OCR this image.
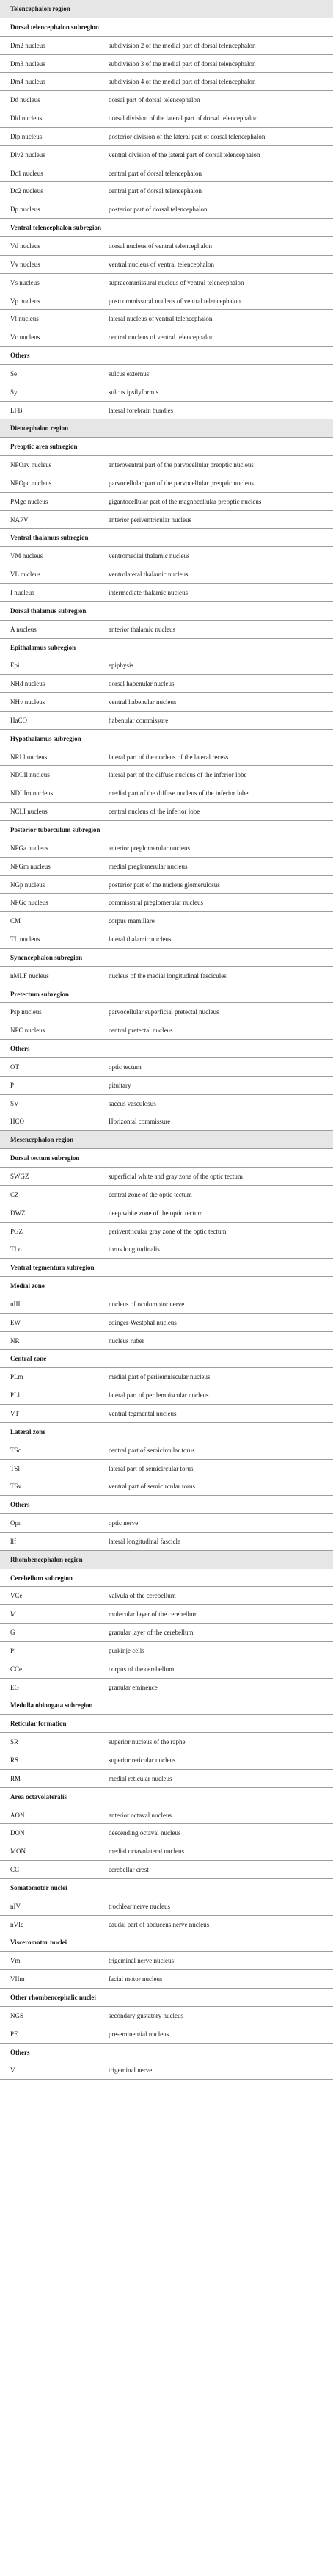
Telencephalon region
Dorsal telencephalon subregion
Dm2 nucleus	subdivision 2 of the medial part of dorsal telencephalon
Dm3 nucleus	subdivision 3 of the medial part of dorsal telencephalon
Dm4 nucleus	subdivision 4 of the medial part of dorsal telencephalon
Dd nucleus	dorsal part of dorsal telencephalon
Dld nucleus	dorsal division of the lateral part of dorsal telencephalon
Dlp nucleus	posterior division of the lateral part of dorsal telencephalon
Dlv2 nucleus	ventral division of the lateral part of dorsal telencephalon
Dc1 nucleus	central part of dorsal telencephalon
Dc2 nucleus	central part of dorsal telencephalon
Dp nucleus	posterior part of dorsal telencephalon
Ventral telencephalon subregion
Vd nucleus	dorsal nucleus of ventral telencephalon
Vv nucleus	ventral nucleus of ventral telencephalon
Vs nucleus	supracommissural nucleus of ventral telencephalon
Vp nucleus	postcommissural nucleus of ventral telencephalon
Vl nucleus	lateral nucleus of ventral telencephalon
Vc nucleus	central nucleus of ventral telencephalon
Others
Se	sulcus externus
Sy	sulcus ipsilyformis
LFB	lateral forebrain bundles
Diencephalon region
Preoptic area subregion
NPOav nucleus	anteroventral part of the parvocellular preoptic nucleus
NPOpc nucleus	parvocellular part of the parvocellular preoptic nucleus
PMgc nucleus	gigantocellular part of the magnocellular preoptic nucleus
NAPV	anterior periventricular nucleus
Ventral thalamus subregion
VM nucleus	ventromedial thalamic nucleus
VL nucleus	ventrolateral thalamic nucleus
I nucleus	intermediate thalamic nucleus
Dorsal thalamus subregion
A nucleus	anterior thalamic nucleus
Epithalamus subregion
Epi	epiphysis
NHd nucleus	dorsal habenular nucleus
NHv nucleus	ventral habenular nucleus
HaCO	habenular commissure
Hypothalamus subregion
NRLl nucleus	lateral part of the nucleus of the lateral recess
NDLIl nucleus	lateral part of the diffuse nucleus of the inferior lobe
NDLIm nucleus	medial part of the diffuse nucleus of the inferior lobe
NCLI nucleus	central nucleus of the inferior lobe
Posterior tuberculum subregion
NPGa nucleus	anterior preglomerular nucleus
NPGm nucleus	medial preglomerular nucleus
NGp nucleus	posterior part of the nucleus glomerulosus
NPGc nucleus	commissural preglomerular nucleus
CM	corpus mamillare
TL nucleus	lateral thalamic nucleus
Synencephalon subregion
nMLF nucleus	nucleus of the medial longitudinal fascicules
Pretectum subregion
Psp nucleus	parvocellular superficial pretectal nucleus
NPC nucleus	central pretectal nucleus
Others
OT	optic tectum
P	pituitary
SV	saccus vasculosus
HCO	Horizontal commissure
Mesencephalon region
Dorsal tectum subregion
SWGZ	superficial white and gray zone of the optic tectum
CZ	central zone of the optic tectum
DWZ	deep white zone of the optic tectum
PGZ	periventricular gray zone of the optic tectum
TLo	torus longitudinalis
Ventral tegmentum subregion
Medial zone
nIII	nucleus of oculomotor nerve
EW	edinger-Westphal nucleus
NR	nucleus ruber
Central zone
PLm	medial part of perilemniscular nucleus
PLl	lateral part of perilemniscular nucleus
VT	ventral tegmental nucleus
Lateral zone
TSc	central part of semicircular torus
TSl	lateral part of semicircular torus
TSv	ventral part of semicircular torus
Others
Opn	optic nerve
llf	lateral longitudinal fascicle
Rhombencephalon region
Cerebellum subregion
VCe	valvula of the cerebellum
M	molecular layer of the cerebellum
G	granular layer of the cerebellum
Pj	purkinje cells
CCe	corpus of the cerebellum
EG	granular eminence
Medulla oblongata subregion
Reticular formation
SR	superior nucleus of the raphe
RS	superior reticular nucleus
RM	medial reticular nucleus
Area octavolateralis
AON	anterior octaval nucleus
DON	descending octaval nucleus
MON	medial octavolateral nucleus
CC	cerebellar crest
Somatomotor nuclei
nIV	trochlear nerve nucleus
nVIc	caudal part of abducens nerve nucleus
Visceromotor nuclei
Vm	trigeminal nerve nucleus
VIIm	facial motor nucleus
Other rhombencephalic nuclei
NGS	secondary gustatory nucleus
PE	pre-eminential nucleus
Others
V	trigeminal nerve
